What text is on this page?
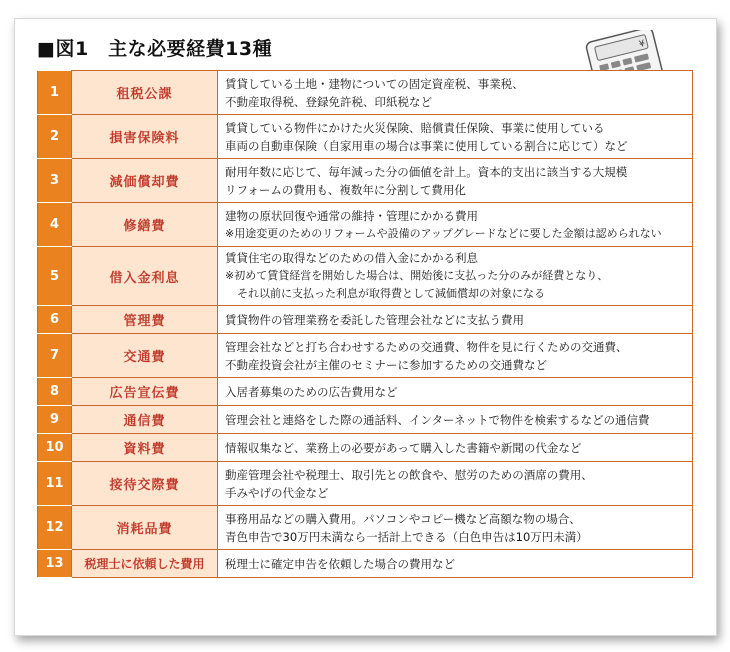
■図1　主な必要経費13種	¥
1	租税公課	賃貸している土地・建物についての固定資産税、事業税、
不動産取得税、登録免許税、印紙税など

2	損害保険料	賃貸している物件にかけた火災保険、賠償責任保険、事業に使用している
車両の自動車保険（自家用車の場合は事業に使用している割合に応じて）など

3	減価償却費	耐用年数に応じて、毎年減った分の価値を計上。資本的支出に該当する大規模
リフォームの費用も、複数年に分割して費用化

4	修繕費	建物の原状回復や通常の維持・管理にかかる費用
※用途変更のためのリフォームや設備のアップグレードなどに要した金額は認められない

5	借入金利息	賃貸住宅の取得などのための借入金にかかる利息
※初めて賃貸経営を開始した場合は、開始後に支払った分のみが経費となり、
それ以前に支払った利息が取得費として減価償却の対象になる

6	管理費	賃貸物件の管理業務を委託した管理会社などに支払う費用

7	交通費	管理会社などと打ち合わせするための交通費、物件を見に行くための交通費、
不動産投資会社が主催のセミナーに参加するための交通費など

8	広告宣伝費	入居者募集のための広告費用など

9	通信費	管理会社と連絡をした際の通話料、インターネットで物件を検索するなどの通信費

10	資料費	情報収集など、業務上の必要があって購入した書籍や新聞の代金など

11	接待交際費	動産管理会社や税理士、取引先との飲食や、慰労のための酒席の費用、
手みやげの代金など

12	消耗品費	事務用品などの購入費用。パソコンやコピー機など高額な物の場合、
青色申告で30万円未満なら一括計上できる（白色申告は10万円未満）

13	税理士に依頼した費用	税理士に確定申告を依頼した場合の費用など
